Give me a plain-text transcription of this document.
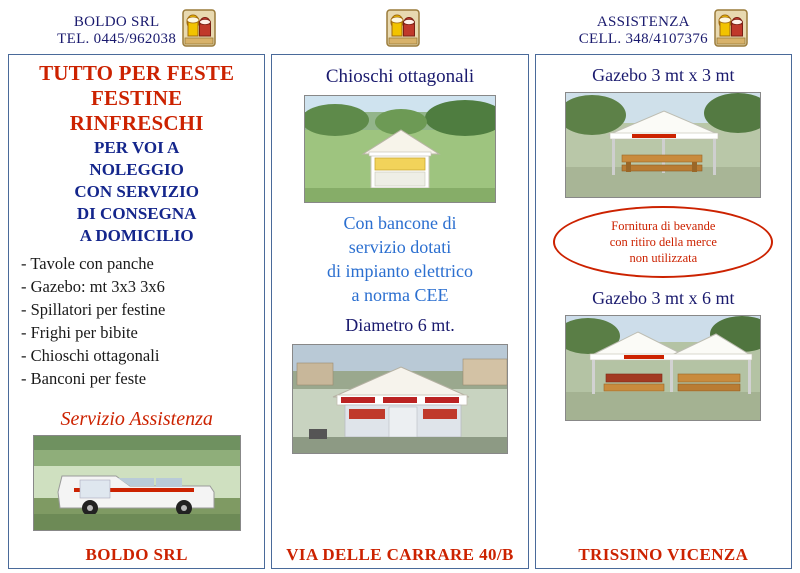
BOLDO SRL
TEL. 0445/962038
TUTTO PER FESTE
FESTINE
RINFRESCHI
PER VOI A
NOLEGGIO
CON SERVIZIO
DI CONSEGNA
A DOMICILIO
- Tavole con panche
- Gazebo: mt 3x3 3x6
- Spillatori per festine
- Frighi per bibite
- Chioschi ottagonali
- Banconi per feste
Servizio Assistenza
Chioschi ottagonali
Con bancone di
servizio dotati
di impianto elettrico
a norma CEE
Diametro 6 mt.
ASSISTENZA
CELL. 348/4107376
Gazebo 3 mt x 3 mt
Fornitura di bevande
con ritiro della merce
non utilizzata
Gazebo 3 mt x 6 mt
BOLDO SRL	VIA DELLE CARRARE 40/B	TRISSINO VICENZA
